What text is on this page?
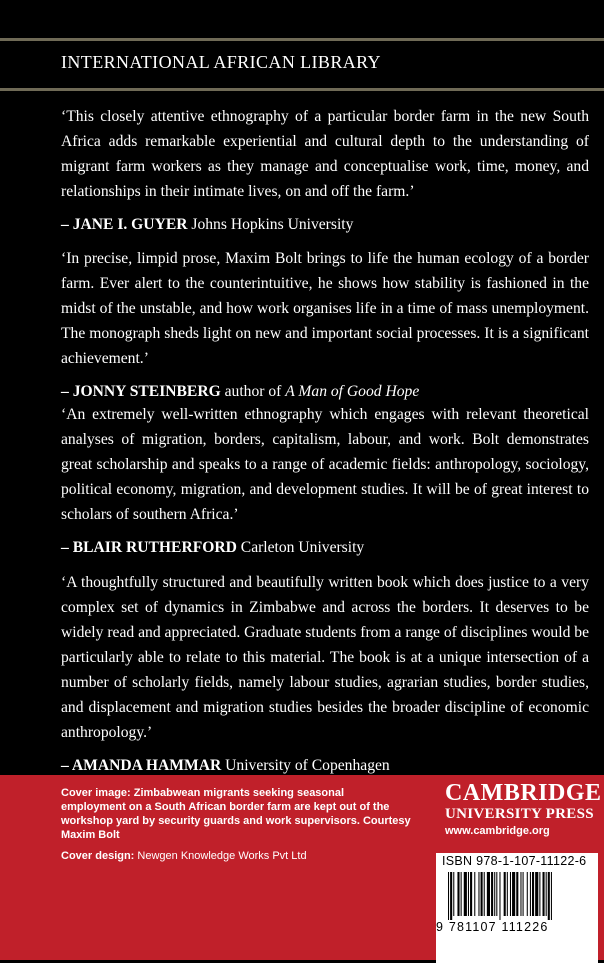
INTERNATIONAL AFRICAN LIBRARY

‘This closely attentive ethnography of a particular border farm in the new South Africa adds remarkable experiential and cultural depth to the understanding of migrant farm workers as they manage and conceptualise work, time, money, and relationships in their intimate lives, on and off the farm.’

– JANE I. GUYER Johns Hopkins University

‘In precise, limpid prose, Maxim Bolt brings to life the human ecology of a border farm. Ever alert to the counterintuitive, he shows how stability is fashioned in the midst of the unstable, and how work organises life in a time of mass unemployment. The monograph sheds light on new and important social processes. It is a significant achievement.’

– JONNY STEINBERG author of A Man of Good Hope

‘An extremely well-written ethnography which engages with relevant theoretical analyses of migration, borders, capitalism, labour, and work. Bolt demonstrates great scholarship and speaks to a range of academic fields: anthropology, sociology, political economy, migration, and development studies. It will be of great interest to scholars of southern Africa.’

– BLAIR RUTHERFORD Carleton University

‘A thoughtfully structured and beautifully written book which does justice to a very complex set of dynamics in Zimbabwe and across the borders. It deserves to be widely read and appreciated. Graduate students from a range of disciplines would be particularly able to relate to this material. The book is at a unique intersection of a number of scholarly fields, namely labour studies, agrarian studies, border studies, and displacement and migration studies besides the broader discipline of economic anthropology.’

– AMANDA HAMMAR University of Copenhagen
Cover image: Zimbabwean migrants seeking seasonal employment on a South African border farm are kept out of the workshop yard by security guards and work supervisors. Courtesy Maxim Bolt
Cover design: Newgen Knowledge Works Pvt Ltd
CAMBRIDGE
UNIVERSITY PRESS
www.cambridge.org
ISBN 978-1-107-11122-6
9 781107 111226
